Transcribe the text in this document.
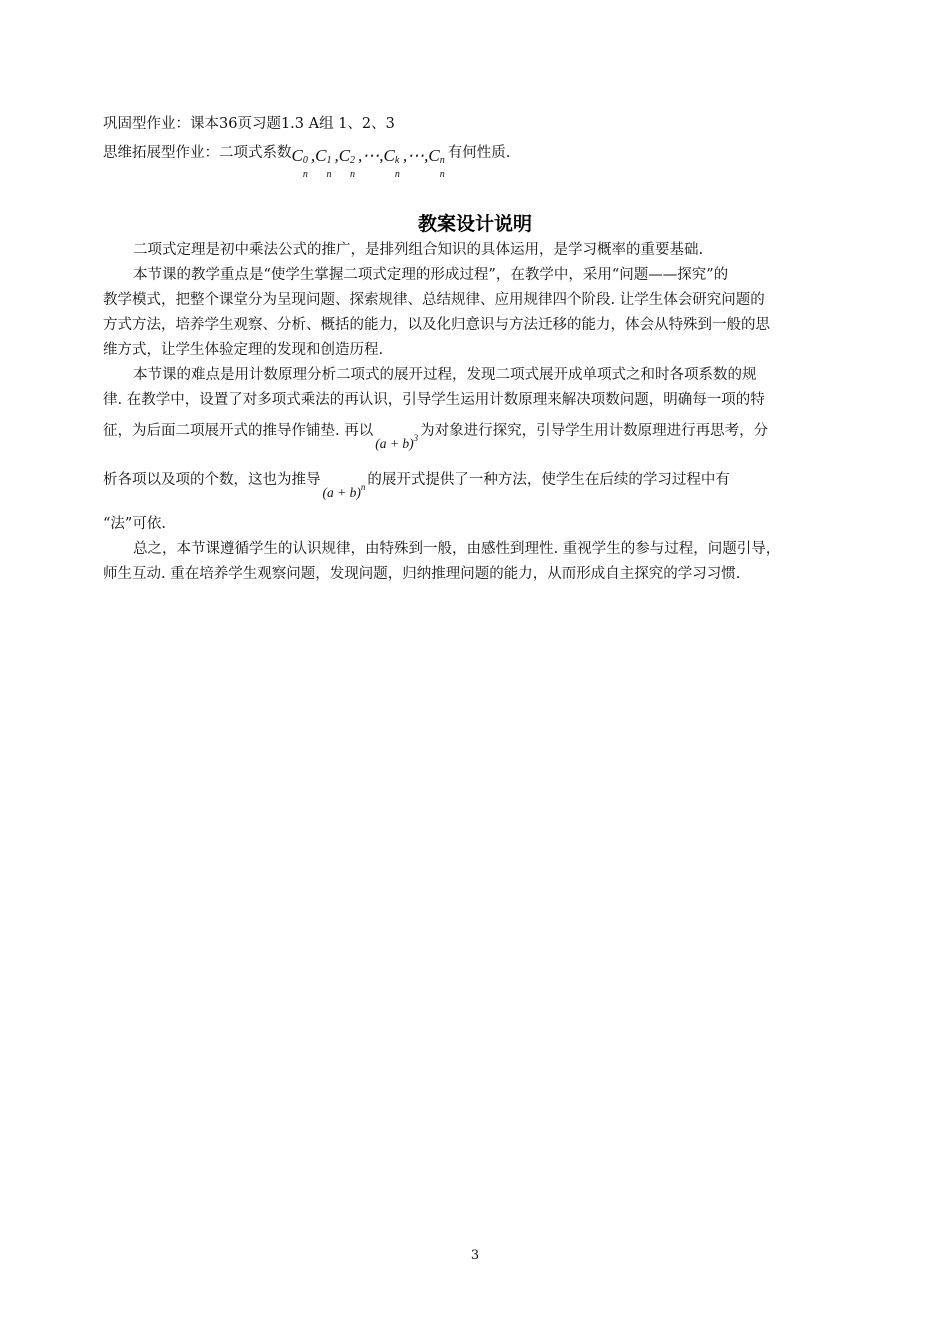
巩固型作业：课本36页习题1.3 A组 1、2、3
思维拓展型作业：二项式系数C 0
n
,C 1
n
,C 2
n
,⋯,C k
n
,⋯,C n
n
有何性质.
教案设计说明
二项式定理是初中乘法公式的推广，是排列组合知识的具体运用，是学习概率的重要基础.
本节课的教学重点是“使学生掌握二项式定理的形成过程”，在教学中，采用“问题——探究”的
教学模式，把整个课堂分为呈现问题、探索规律、总结规律、应用规律四个阶段. 让学生体会研究问题的
方式方法，培养学生观察、分析、概括的能力，以及化归意识与方法迁移的能力，体会从特殊到一般的思
维方式，让学生体验定理的发现和创造历程.
本节课的难点是用计数原理分析二项式的展开过程，发现二项式展开成单项式之和时各项系数的规
律. 在教学中，设置了对多项式乘法的再认识，引导学生运用计数原理来解决项数问题，明确每一项的特
征，为后面二项展开式的推导作铺垫. 再以$(a + b)^3$ 为对象进行探究，引导学生用计数原理进行再思考，分
析各项以及项的个数，这也为推导$(a + b)^n$ 的展开式提供了一种方法，使学生在后续的学习过程中有
“法”可依.
总之，本节课遵循学生的认识规律，由特殊到一般，由感性到理性. 重视学生的参与过程，问题引导，
师生互动. 重在培养学生观察问题，发现问题，归纳推理问题的能力，从而形成自主探究的学习习惯.
3
